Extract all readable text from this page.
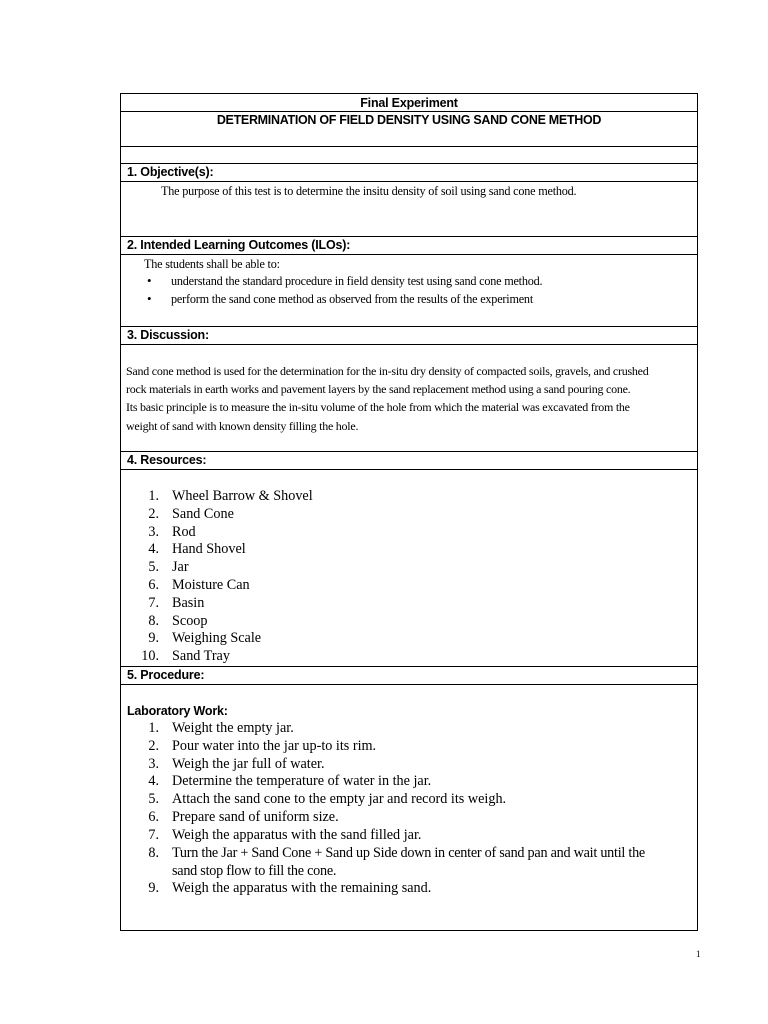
Final Experiment
DETERMINATION OF FIELD DENSITY USING SAND CONE METHOD
1. Objective(s):
The purpose of this test is to determine the insitu density of soil using sand cone method.
2. Intended Learning Outcomes (ILOs):
The students shall be able to:
• understand the standard procedure in field density test using sand cone method.
• perform the sand cone method as observed from the results of the experiment
3. Discussion:
Sand cone method is used for the determination for the in-situ dry density of compacted soils, gravels, and crushed
rock materials in earth works and pavement layers by the sand replacement method using a sand pouring cone.
Its basic principle is to measure the in-situ volume of the hole from which the material was excavated from the
weight of sand with known density filling the hole.
4. Resources:
1. Wheel Barrow & Shovel
2. Sand Cone
3. Rod
4. Hand Shovel
5. Jar
6. Moisture Can
7. Basin
8. Scoop
9. Weighing Scale
10. Sand Tray
5. Procedure:
Laboratory Work:
1. Weight the empty jar.
2. Pour water into the jar up-to its rim.
3. Weigh the jar full of water.
4. Determine the temperature of water in the jar.
5. Attach the sand cone to the empty jar and record its weigh.
6. Prepare sand of uniform size.
7. Weigh the apparatus with the sand filled jar.
8. Turn the Jar + Sand Cone + Sand up Side down in center of sand pan and wait until the
sand stop flow to fill the cone.
9. Weigh the apparatus with the remaining sand.
1
